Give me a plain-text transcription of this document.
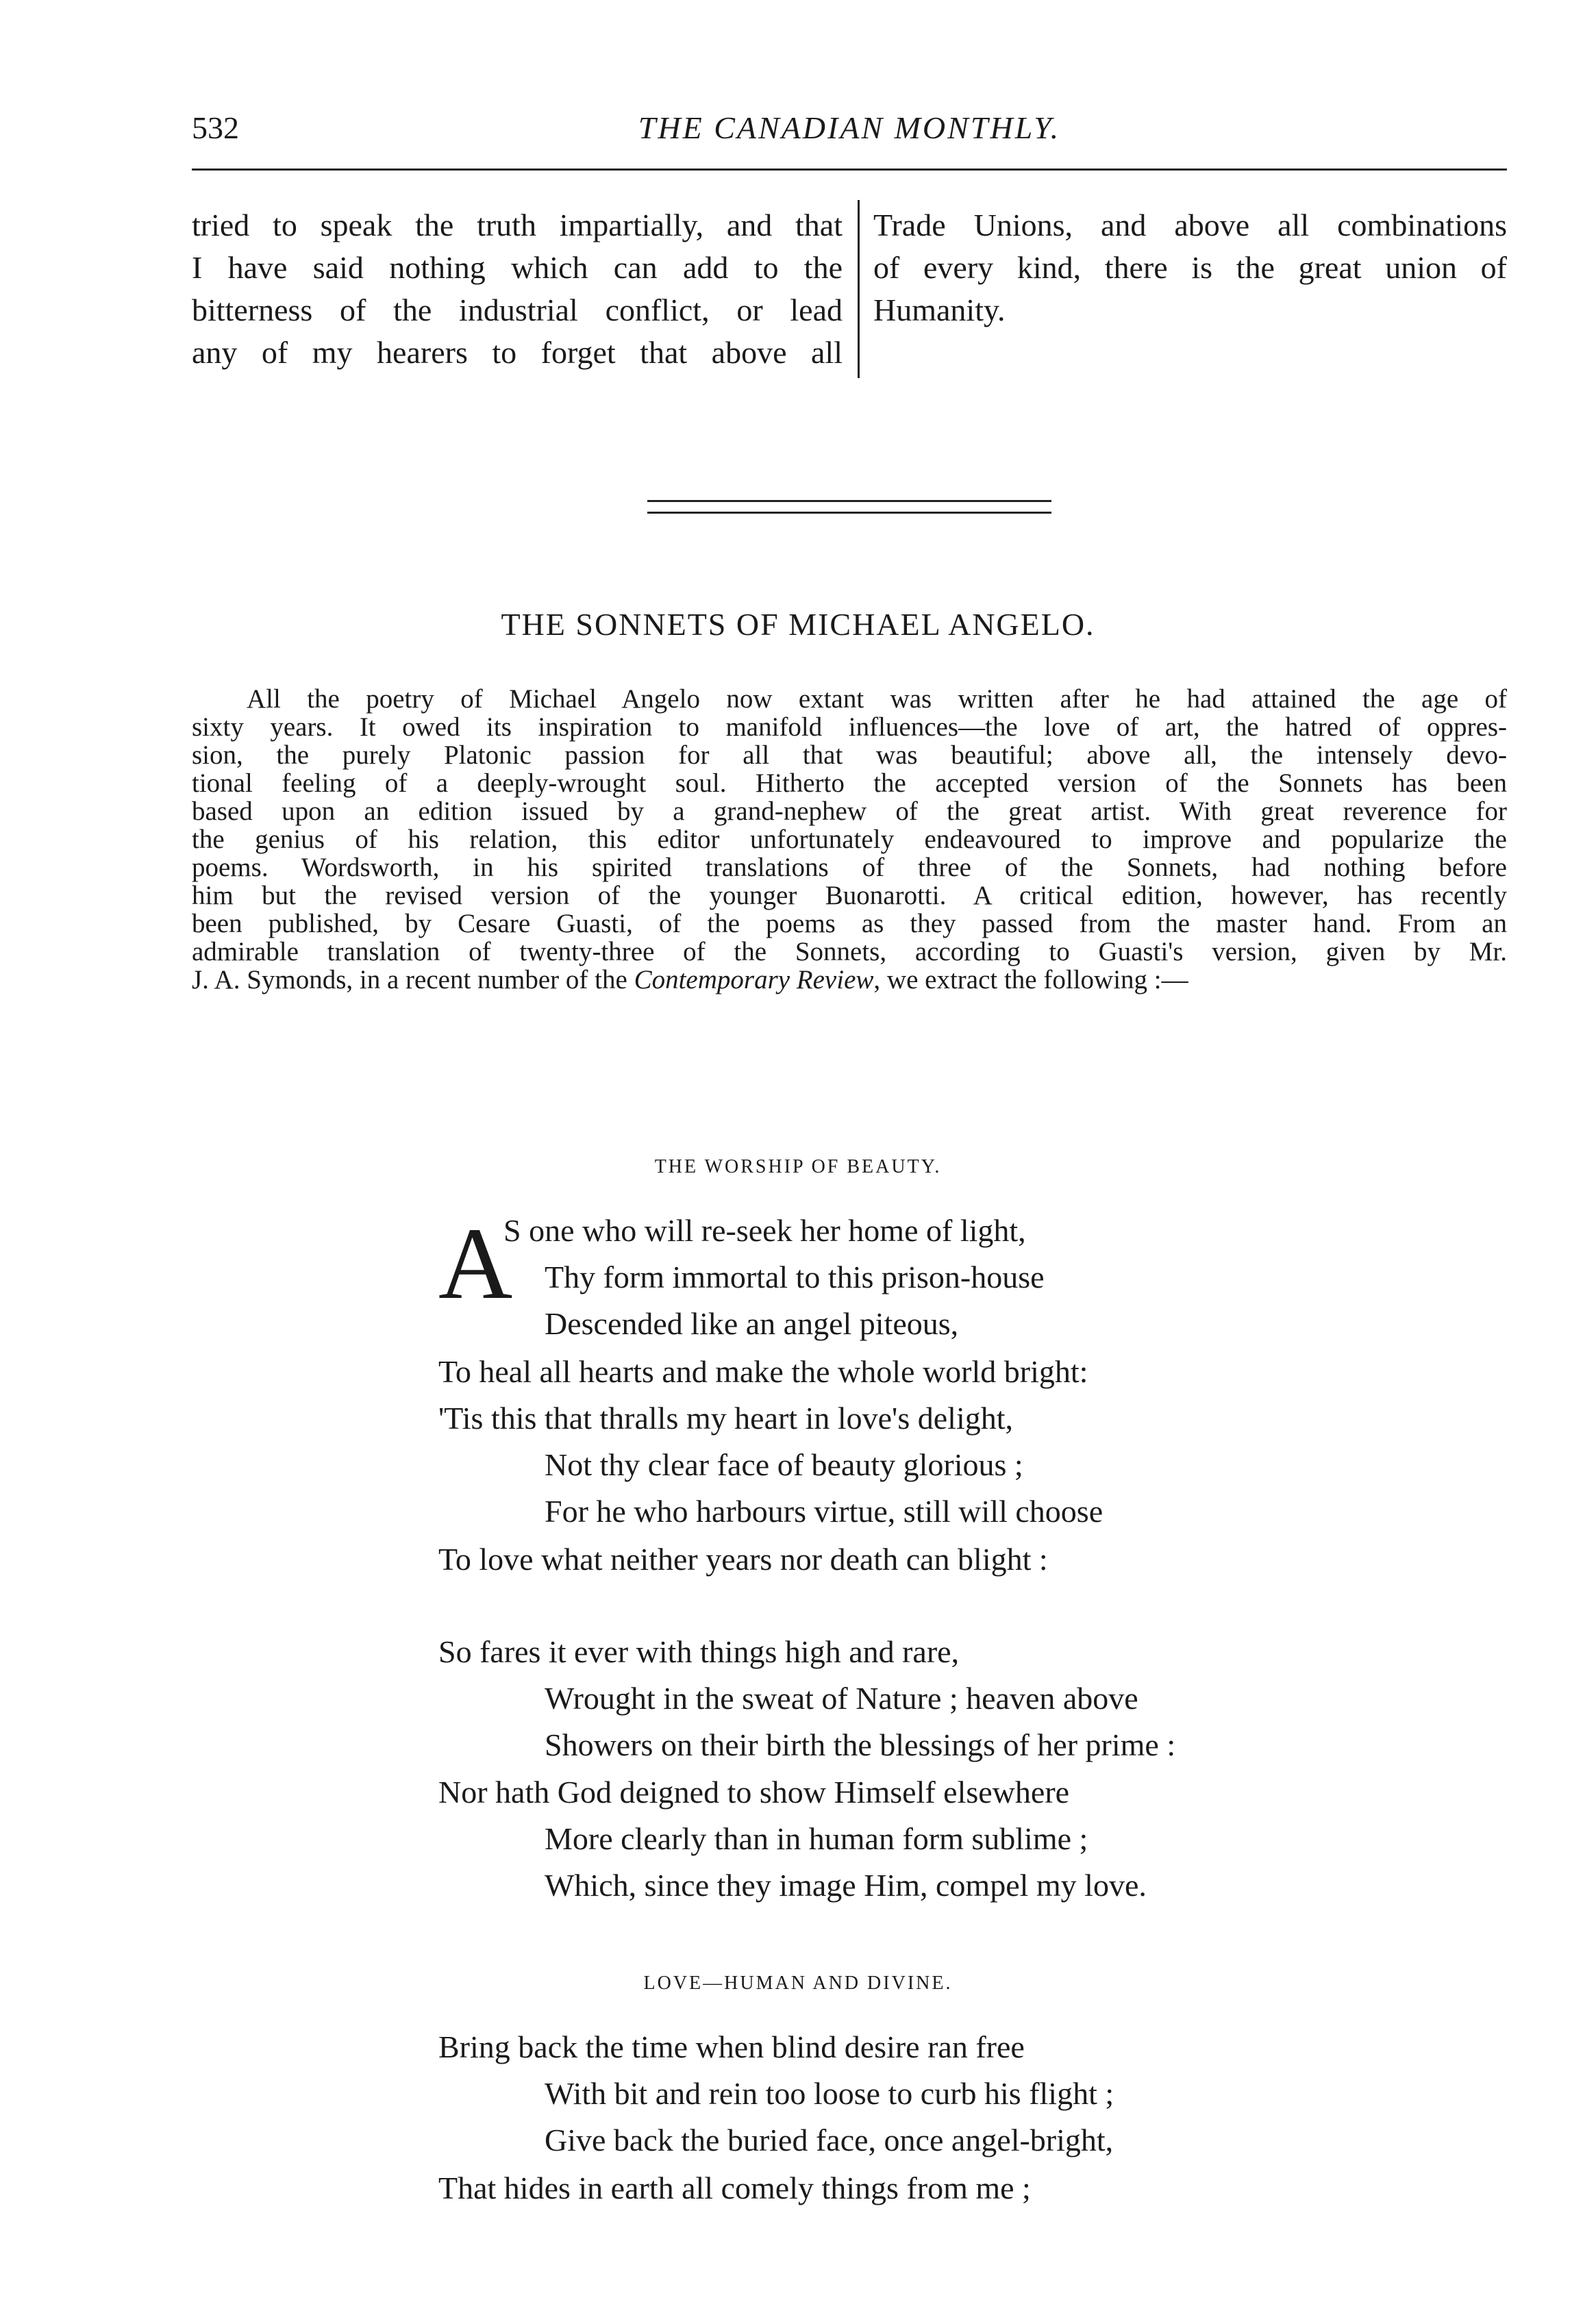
532	THE CANADIAN MONTHLY.
tried to speak the truth impartially, and that
I have said nothing which can add to the
bitterness of the industrial conflict, or lead
any of my hearers to forget that above all
Trade Unions, and above all combinations
of every kind, there is the great union of
Humanity.
THE SONNETS OF MICHAEL ANGELO.
All the poetry of Michael Angelo now extant was written after he had attained the age of
sixty years. It owed its inspiration to manifold influences—the love of art, the hatred of oppres-
sion, the purely Platonic passion for all that was beautiful; above all, the intensely devo-
tional feeling of a deeply-wrought soul. Hitherto the accepted version of the Sonnets has been
based upon an edition issued by a grand-nephew of the great artist. With great reverence for
the genius of his relation, this editor unfortunately endeavoured to improve and popularize the
poems. Wordsworth, in his spirited translations of three of the Sonnets, had nothing before
him but the revised version of the younger Buonarotti. A critical edition, however, has recently
been published, by Cesare Guasti, of the poems as they passed from the master hand. From an
admirable translation of twenty-three of the Sonnets, according to Guasti's version, given by Mr.
J. A. Symonds, in a recent number of the Contemporary Review, we extract the following :—
THE WORSHIP OF BEAUTY.
A
S one who will re-seek her home of light,
Thy form immortal to this prison-house
Descended like an angel piteous,
To heal all hearts and make the whole world bright:
'Tis this that thralls my heart in love's delight,
Not thy clear face of beauty glorious ;
For he who harbours virtue, still will choose
To love what neither years nor death can blight :
So fares it ever with things high and rare,
Wrought in the sweat of Nature ; heaven above
Showers on their birth the blessings of her prime :
Nor hath God deigned to show Himself elsewhere
More clearly than in human form sublime ;
Which, since they image Him, compel my love.
LOVE—HUMAN AND DIVINE.
Bring back the time when blind desire ran free
With bit and rein too loose to curb his flight ;
Give back the buried face, once angel-bright,
That hides in earth all comely things from me ;
